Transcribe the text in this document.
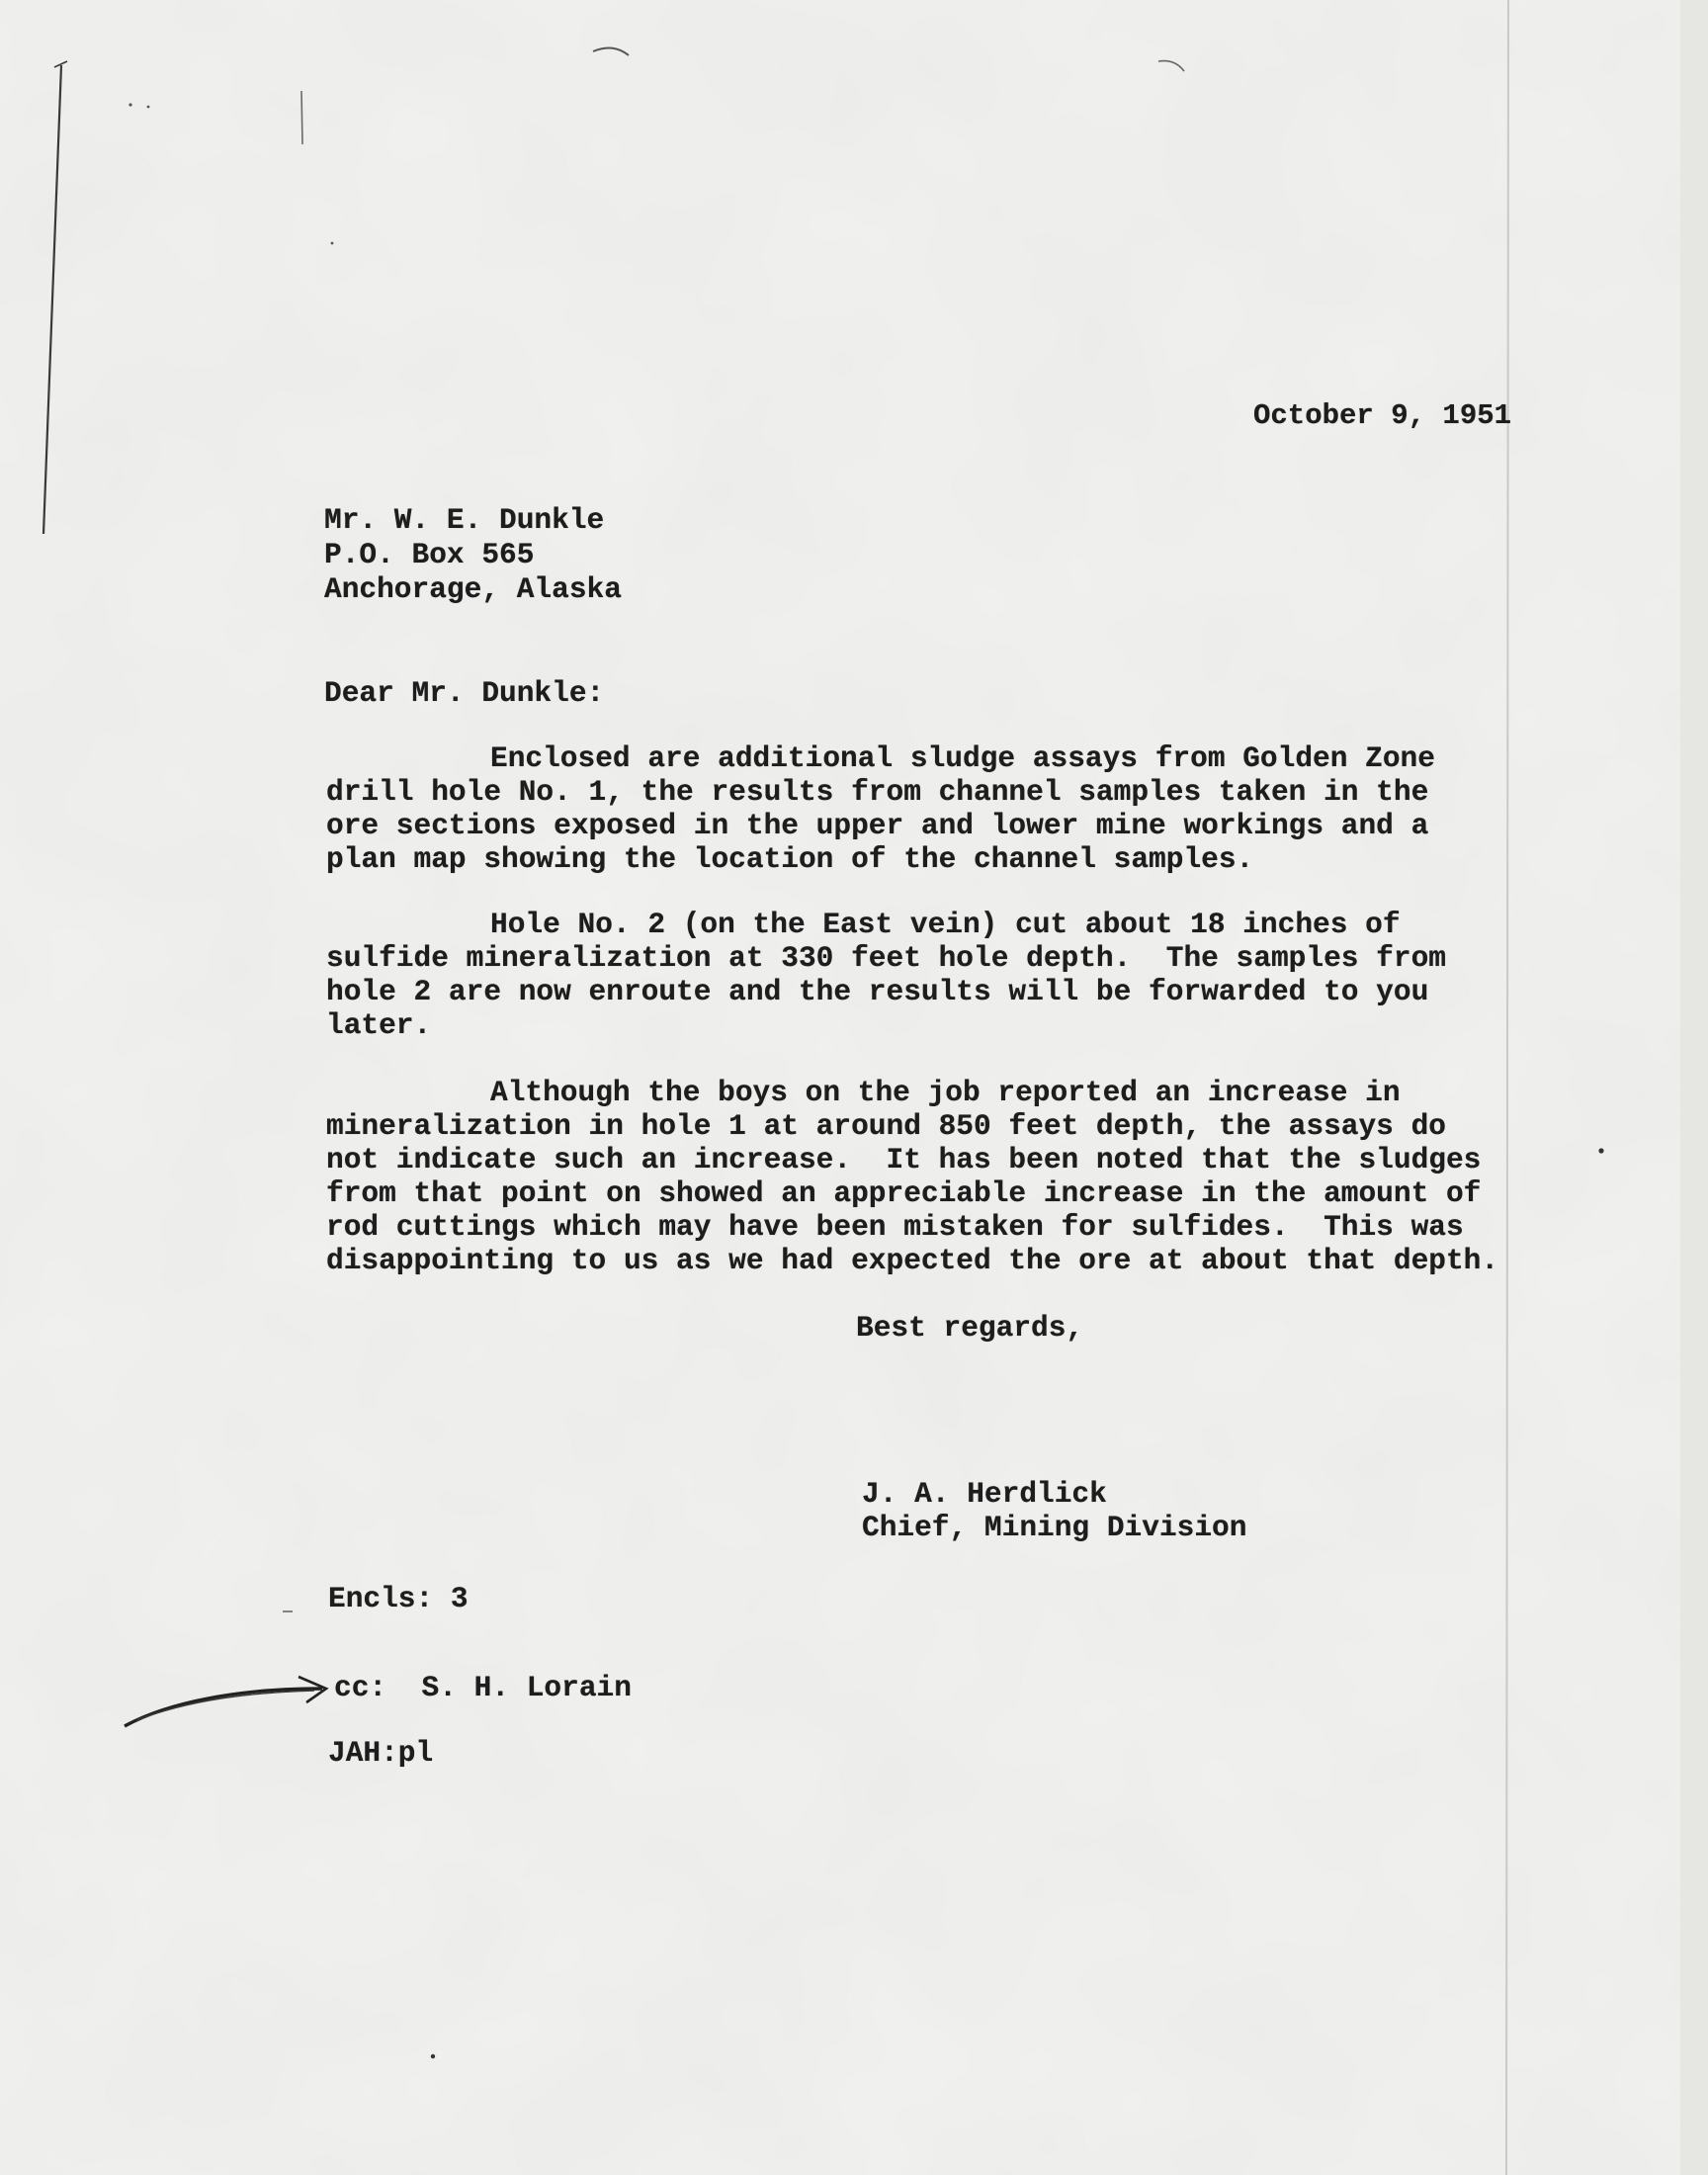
October 9, 1951

Mr. W. E. Dunkle

P.O. Box 565

Anchorage, Alaska

Dear Mr. Dunkle:

Enclosed are additional sludge assays from Golden Zone

drill hole No. 1, the results from channel samples taken in the

ore sections exposed in the upper and lower mine workings and a

plan map showing the location of the channel samples.

Hole No. 2 (on the East vein) cut about 18 inches of

sulfide mineralization at 330 feet hole depth.  The samples from

hole 2 are now enroute and the results will be forwarded to you

later.

Although the boys on the job reported an increase in

mineralization in hole 1 at around 850 feet depth, the assays do

not indicate such an increase.  It has been noted that the sludges

from that point on showed an appreciable increase in the amount of

rod cuttings which may have been mistaken for sulfides.  This was

disappointing to us as we had expected the ore at about that depth.

Best regards,

J. A. Herdlick

Chief, Mining Division

Encls: 3

cc:  S. H. Lorain

JAH:pl
